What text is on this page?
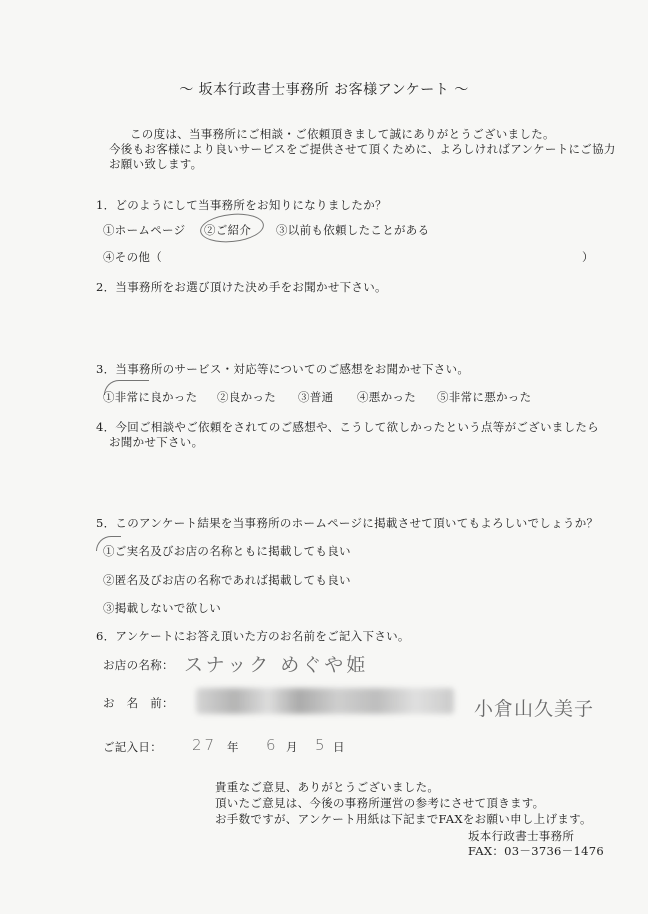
～ 坂本行政書士事務所 お客様アンケート ～
この度は、当事務所にご相談・ご依頼頂きまして誠にありがとうございました。
今後もお客様により良いサービスをご提供させて頂くために、よろしければアンケートにご協力
お願い致します。
1．どのようにして当事務所をお知りになりましたか？
①ホームページ ②ご紹介 ③以前も依頼したことがある
④その他（	）
2．当事務所をお選び頂けた決め手をお聞かせ下さい。
3．当事務所のサービス・対応等についてのご感想をお聞かせ下さい。
①非常に良かった ②良かった ③普通 ④悪かった ⑤非常に悪かった
4．今回ご相談やご依頼をされてのご感想や、こうして欲しかったという点等がございましたら
お聞かせ下さい。
5．このアンケート結果を当事務所のホームページに掲載させて頂いてもよろしいでしょうか？
①ご実名及びお店の名称ともに掲載しても良い
②匿名及びお店の名称であれば掲載しても良い
③掲載しないで欲しい
6．アンケートにお答え頂いた方のお名前をご記入下さい。
お店の名称： スナック めぐや姫
お　名　前：	小倉山久美子
ご記入日： 27 年 6 月 5 日
貴重なご意見、ありがとうございました。
頂いたご意見は、今後の事務所運営の参考にさせて頂きます。
お手数ですが、アンケート用紙は下記までFAXをお願い申し上げます。
坂本行政書士事務所
FAX：03－3736－1476
